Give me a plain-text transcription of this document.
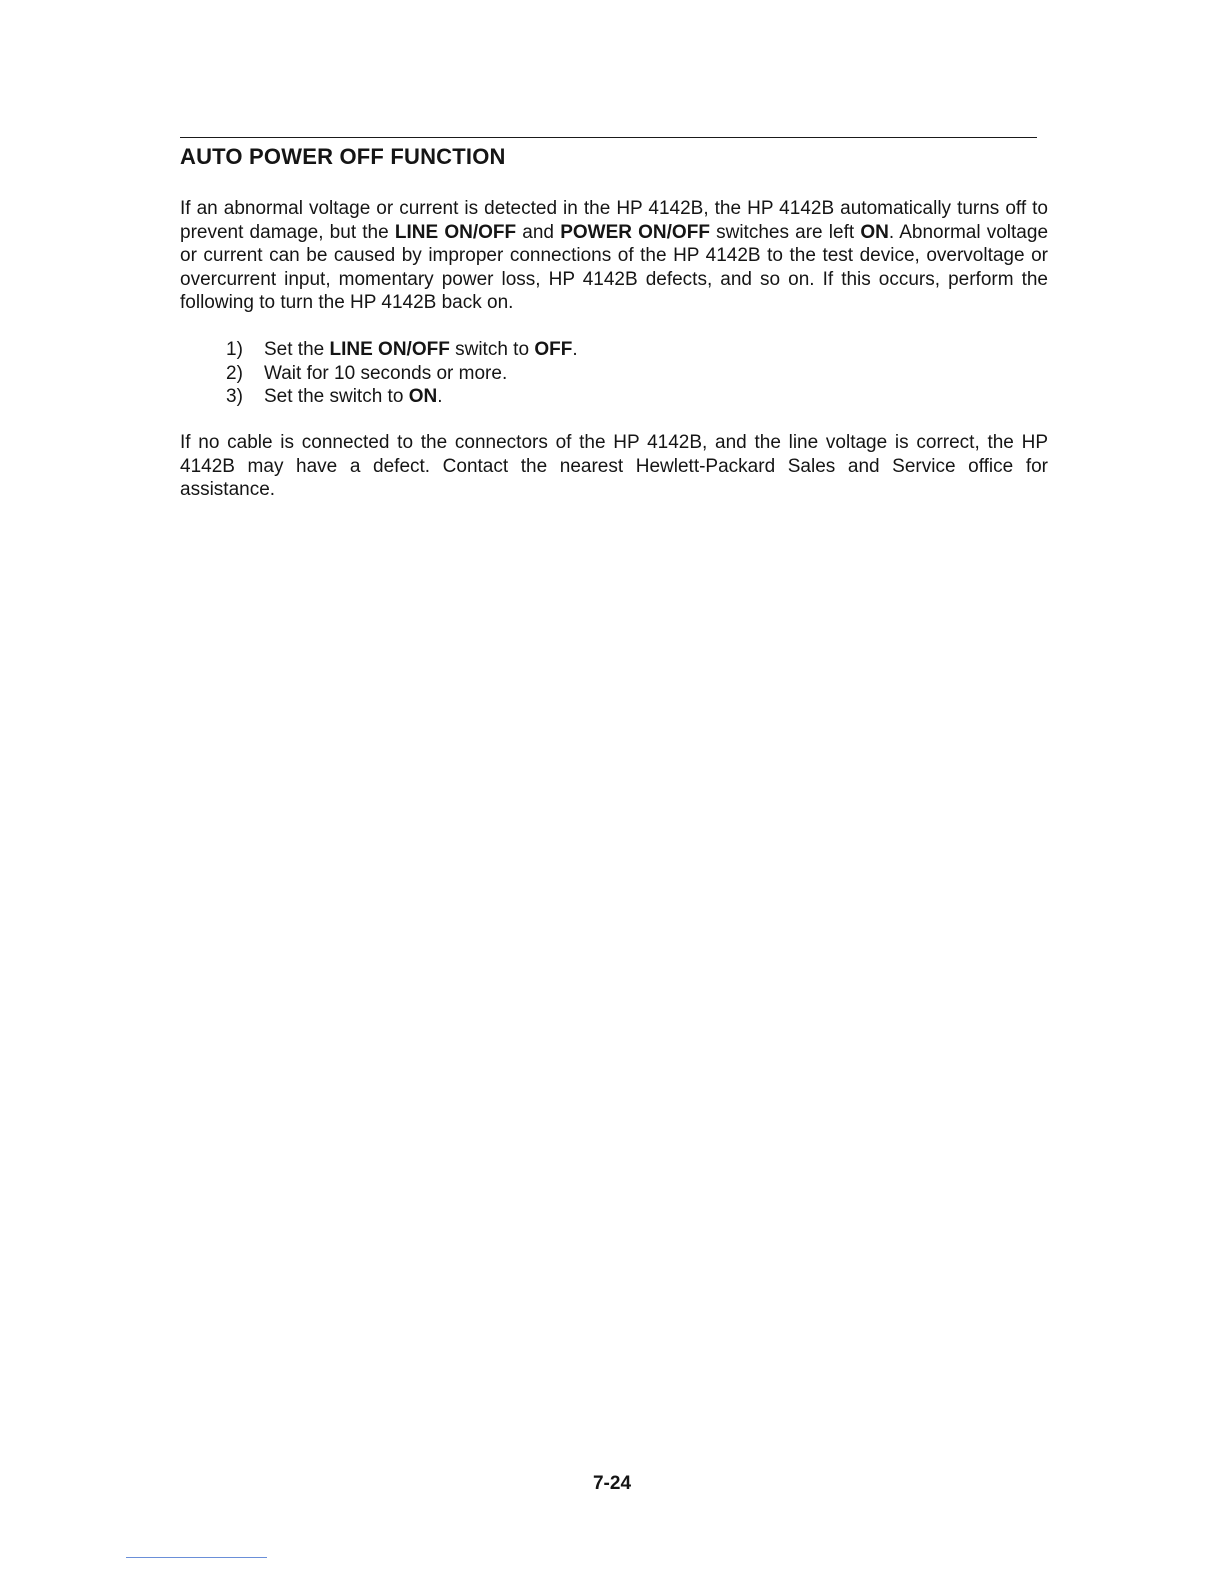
AUTO POWER OFF FUNCTION

If an abnormal voltage or current is detected in the HP 4142B, the HP 4142B automatically turns off to prevent damage, but the LINE ON/OFF and POWER ON/OFF switches are left ON. Abnormal voltage or current can be caused by improper connections of the HP 4142B to the test device, overvoltage or overcurrent input, momentary power loss, HP 4142B defects, and so on. If this occurs, perform the following to turn the HP 4142B back on.

1) Set the LINE ON/OFF switch to OFF.
2) Wait for 10 seconds or more.
3) Set the switch to ON.

If no cable is connected to the connectors of the HP 4142B, and the line voltage is correct, the HP 4142B may have a defect. Contact the nearest Hewlett-Packard Sales and Service office for assistance.

7-24
